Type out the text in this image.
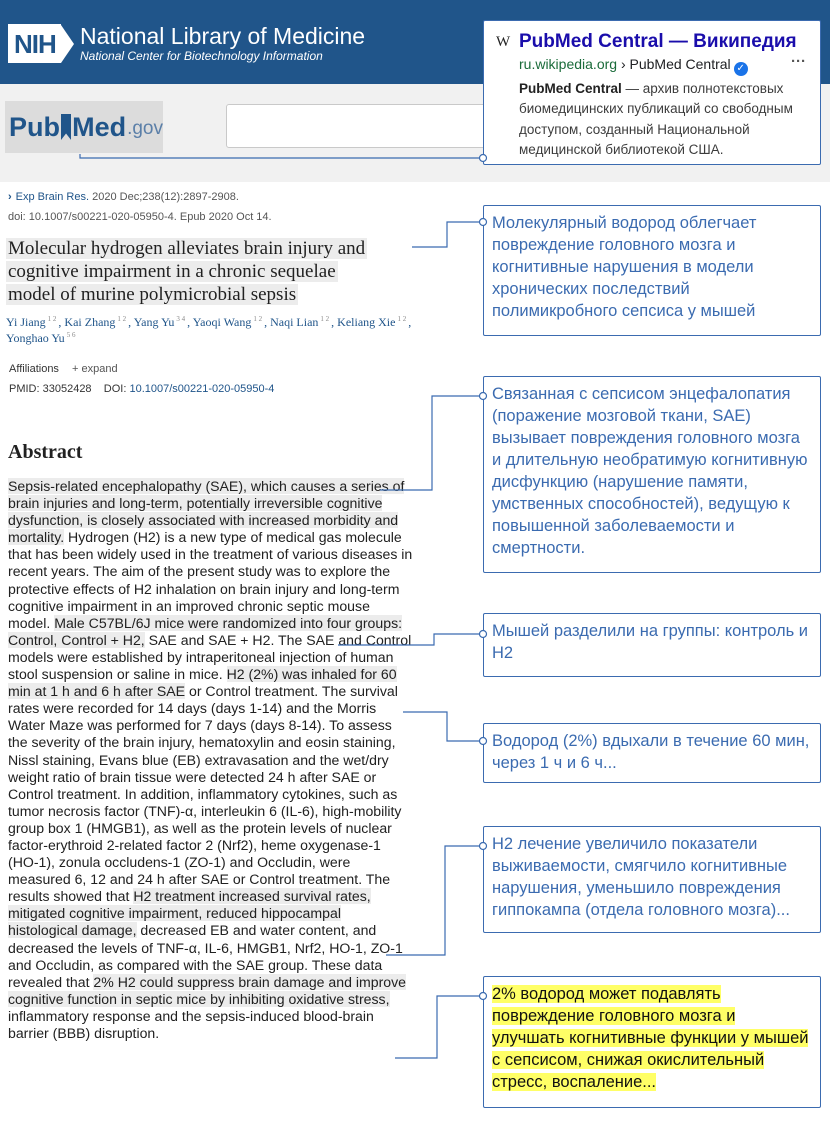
NIH National Library of Medicine
National Center for Biotechnology Information
Pub Med .gov
W PubMed Central — Википедия
ru.wikipedia.org › PubMed Central ✓	···
PubMed Central — архив полнотекстовых биомедицинских публикаций со свободным доступом, созданный Национальной медицинской библиотекой США.
› Exp Brain Res. 2020 Dec;238(12):2897-2908.
doi: 10.1007/s00221-020-05950-4. Epub 2020 Oct 14.
Molecular hydrogen alleviates brain injury and
cognitive impairment in a chronic sequelae
model of murine polymicrobial sepsis
Yi Jiang $^{1 2}$ , Kai Zhang $^{1 2}$ , Yang Yu $^{3 4}$ , Yaoqi Wang $^{1 2}$ , Naqi Lian $^{1 2}$ , Keliang Xie $^{1 2}$ , Yonghao Yu $^{5 6}$
Affiliations + expand
PMID: 33052428 DOI: 10.1007/s00221-020-05950-4
Abstract
Sepsis-related encephalopathy (SAE), which causes a series of brain injuries and long-term, potentially irreversible cognitive dysfunction, is closely associated with increased morbidity and mortality. Hydrogen (H2) is a new type of medical gas molecule that has been widely used in the treatment of various diseases in recent years. The aim of the present study was to explore the protective effects of H2 inhalation on brain injury and long-term cognitive impairment in an improved chronic septic mouse model. Male C57BL/6J mice were randomized into four groups: Control, Control + H2, SAE and SAE + H2. The SAE and Control models were established by intraperitoneal injection of human stool suspension or saline in mice. H2 (2%) was inhaled for 60 min at 1 h and 6 h after SAE or Control treatment. The survival rates were recorded for 14 days (days 1-14) and the Morris Water Maze was performed for 7 days (days 8-14). To assess the severity of the brain injury, hematoxylin and eosin staining, Nissl staining, Evans blue (EB) extravasation and the wet/dry weight ratio of brain tissue were detected 24 h after SAE or Control treatment. In addition, inflammatory cytokines, such as tumor necrosis factor (TNF)-α, interleukin 6 (IL-6), high-mobility group box 1 (HMGB1), as well as the protein levels of nuclear factor-erythroid 2-related factor 2 (Nrf2), heme oxygenase-1 (HO-1), zonula occludens-1 (ZO-1) and Occludin, were measured 6, 12 and 24 h after SAE or Control treatment. The results showed that H2 treatment increased survival rates, mitigated cognitive impairment, reduced hippocampal histological damage, decreased EB and water content, and decreased the levels of TNF-α, IL-6, HMGB1, Nrf2, HO-1, ZO-1 and Occludin, as compared with the SAE group. These data revealed that 2% H2 could suppress brain damage and improve cognitive function in septic mice by inhibiting oxidative stress, inflammatory response and the sepsis-induced blood-brain barrier (BBB) disruption.
Молекулярный водород облегчает повреждение головного мозга и когнитивные нарушения в модели хронических последствий полимикробного сепсиса у мышей
Связанная с сепсисом энцефалопатия (поражение мозговой ткани, SAE) вызывает повреждения головного мозга и длительную необратимую когнитивную дисфункцию (нарушение памяти, умственных способностей), ведущую к повышенной заболеваемости и смертности.
Мышей разделили на группы: контроль и H2
Водород (2%) вдыхали в течение 60 мин, через 1 ч и 6 ч...
H2 лечение увеличило показатели выживаемости, смягчило когнитивные нарушения, уменьшило повреждения гиппокампа (отдела головного мозга)...
2% водород может подавлять повреждение головного мозга и улучшать когнитивные функции у мышей с сепсисом, снижая окислительный стресс, воспаление...
